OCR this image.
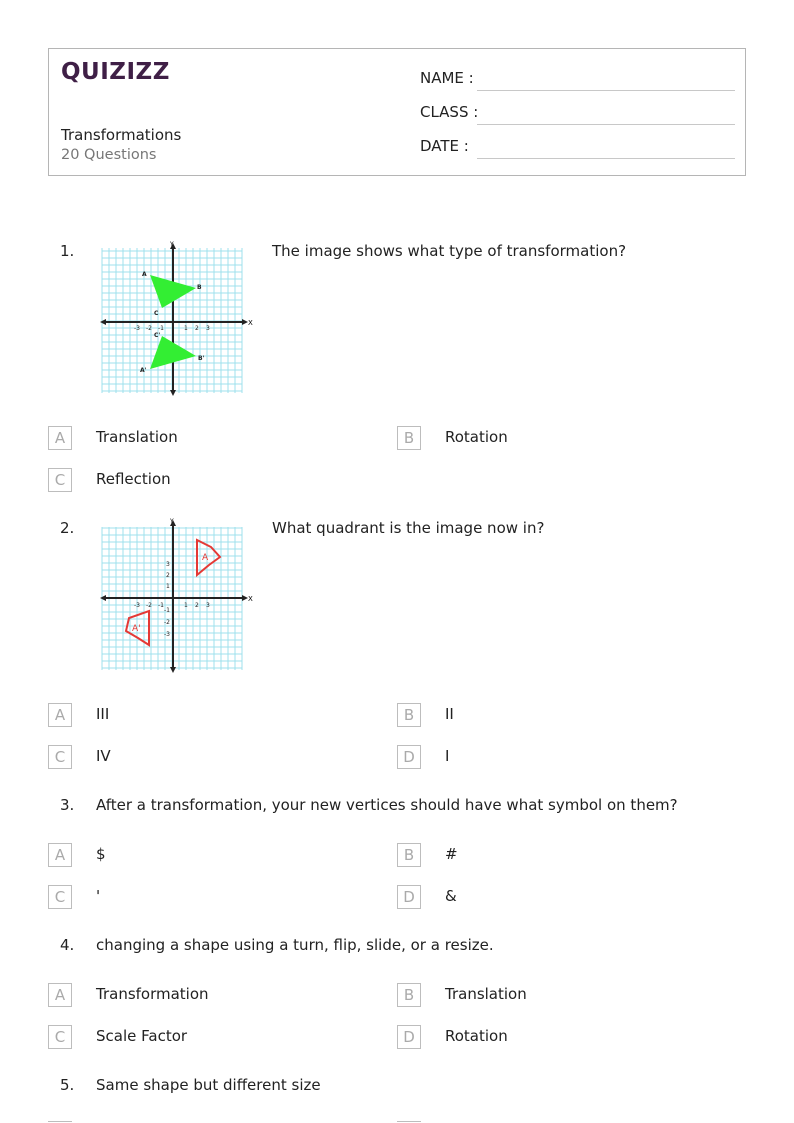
QUIZIZZ
Transformations
20 Questions
NAME :
CLASS :
DATE :
1.
X
Y
-3 -2 -1	1 2 3
A
B
C
A'
B'
C'
The image shows what type of transformation?
A	Translation	B	Rotation
C	Reflection
2.
X
Y
-3 -2 -1	1 2 3
3
2
1
-1
-2
-3
A
A'
What quadrant is the image now in?
A	III	B	II
C	IV	D	I
3. After a transformation, your new vertices should have what symbol on them?
A	$	B	#
C	'	D	&
4. changing a shape using a turn, flip, slide, or a resize.
A	Transformation	B	Translation
C	Scale Factor	D	Rotation
5. Same shape but different size
